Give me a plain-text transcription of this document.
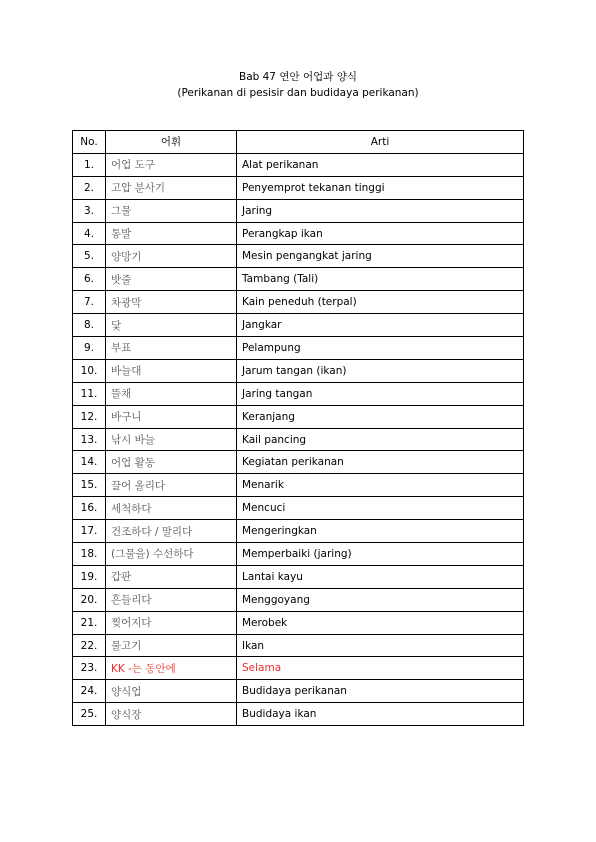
Bab 47 연안 어업과 양식
(Perikanan di pesisir dan budidaya perikanan)
No.	어휘	Arti
1.	어업 도구	Alat perikanan
2.	고압 분사기	Penyemprot tekanan tinggi
3.	그물	Jaring
4.	통발	Perangkap ikan
5.	양망기	Mesin pengangkat jaring
6.	밧줄	Tambang (Tali)
7.	차광막	Kain peneduh (terpal)
8.	닻	Jangkar
9.	부표	Pelampung
10.	바늘대	Jarum tangan (ikan)
11.	뜰채	Jaring tangan
12.	바구니	Keranjang
13.	낚시 바늘	Kail pancing
14.	어업 활동	Kegiatan perikanan
15.	끌어 올리다	Menarik
16.	세척하다	Mencuci
17.	건조하다 / 말리다	Mengeringkan
18.	(그물을) 수선하다	Memperbaiki (jaring)
19.	갑판	Lantai kayu
20.	흔들리다	Menggoyang
21.	찢어지다	Merobek
22.	물고기	Ikan
23.	KK -는 동안에	Selama
24.	양식업	Budidaya perikanan
25.	양식장	Budidaya ikan
